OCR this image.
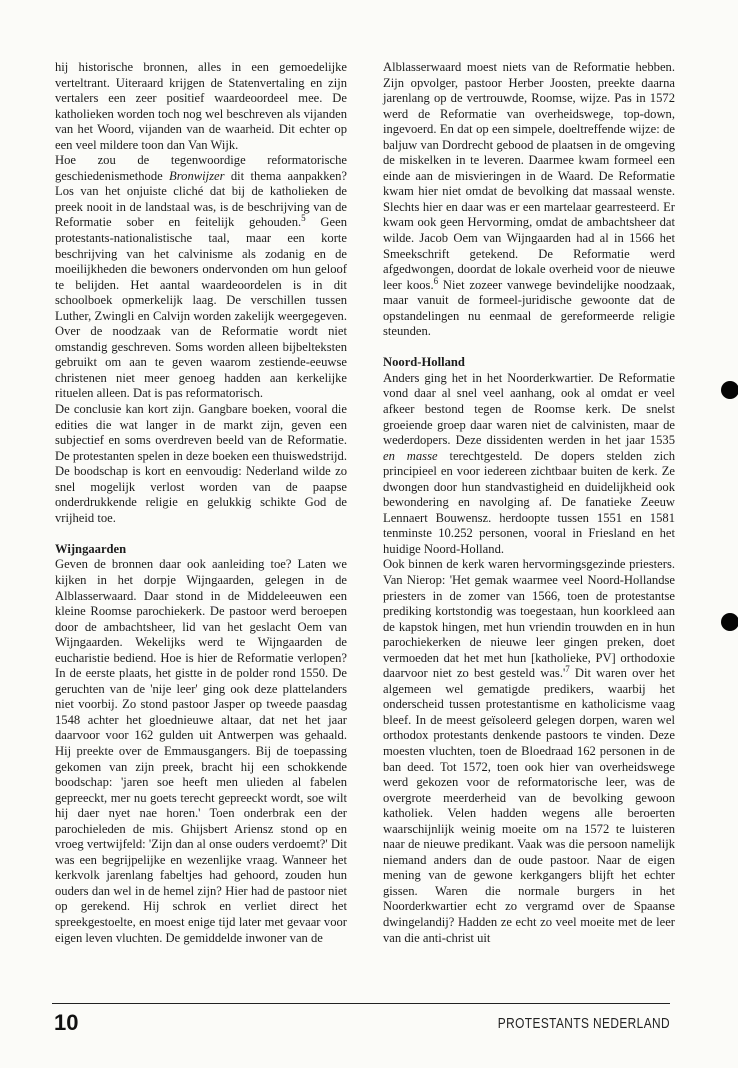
hij historische bronnen, alles in een gemoedelijke verteltrant. Uiteraard krijgen de Statenvertaling en zijn vertalers een zeer positief waardeoordeel mee. De katholieken worden toch nog wel beschreven als vijanden van het Woord, vijanden van de waarheid. Dit echter op een veel mildere toon dan Van Wijk.

Hoe zou de tegenwoordige reformatorische geschiedenismethode Bronwijzer dit thema aanpakken? Los van het onjuiste cliché dat bij de katholieken de preek nooit in de landstaal was, is de beschrijving van de Reformatie sober en feitelijk gehouden.$^5$ Geen protestants-nationalistische taal, maar een korte beschrijving van het calvinisme als zodanig en de moeilijkheden die bewoners ondervonden om hun geloof te belijden. Het aantal waardeoordelen is in dit schoolboek opmerkelijk laag. De verschillen tussen Luther, Zwingli en Calvijn worden zakelijk weergegeven. Over de noodzaak van de Reformatie wordt niet omstandig geschreven. Soms worden alleen bijbelteksten gebruikt om aan te geven waarom zestiende-eeuwse christenen niet meer genoeg hadden aan kerkelijke rituelen alleen. Dat is pas reformatorisch.

De conclusie kan kort zijn. Gangbare boeken, vooral die edities die wat langer in de markt zijn, geven een subjectief en soms overdreven beeld van de Reformatie. De protestanten spelen in deze boeken een thuiswedstrijd. De boodschap is kort en eenvoudig: Nederland wilde zo snel mogelijk verlost worden van de paapse onderdrukkende religie en gelukkig schikte God de vrijheid toe.

Wijngaarden

Geven de bronnen daar ook aanleiding toe? Laten we kijken in het dorpje Wijngaarden, gelegen in de Alblasserwaard. Daar stond in de Middeleeuwen een kleine Roomse parochiekerk. De pastoor werd beroepen door de ambachtsheer, lid van het geslacht Oem van Wijngaarden. Wekelijks werd te Wijngaarden de eucharistie bediend. Hoe is hier de Reformatie verlopen? In de eerste plaats, het gistte in de polder rond 1550. De geruchten van de 'nije leer' ging ook deze plattelanders niet voorbij. Zo stond pastoor Jasper op tweede paasdag 1548 achter het gloednieuwe altaar, dat net het jaar daarvoor voor 162 gulden uit Antwerpen was gehaald. Hij preekte over de Emmausgangers. Bij de toepassing gekomen van zijn preek, bracht hij een schokkende boodschap: 'jaren soe heeft men ulieden al fabelen gepreeckt, mer nu goets terecht gepreeckt wordt, soe wilt hij daer nyet nae horen.' Toen onderbrak een der parochieleden de mis. Ghijsbert Ariensz stond op en vroeg vertwijfeld: 'Zijn dan al onse ouders verdoemt?' Dit was een begrijpelijke en wezenlijke vraag. Wanneer het kerkvolk jarenlang fabeltjes had gehoord, zouden hun ouders dan wel in de hemel zijn? Hier had de pastoor niet op gerekend. Hij schrok en verliet direct het spreekgestoelte, en moest enige tijd later met gevaar voor eigen leven vluchten. De gemiddelde inwoner van de

Alblasserwaard moest niets van de Reformatie hebben. Zijn opvolger, pastoor Herber Joosten, preekte daarna jarenlang op de vertrouwde, Roomse, wijze. Pas in 1572 werd de Reformatie van overheidswege, top-down, ingevoerd. En dat op een simpele, doeltreffende wijze: de baljuw van Dordrecht gebood de plaatsen in de omgeving de miskelken in te leveren. Daarmee kwam formeel een einde aan de misvieringen in de Waard. De Reformatie kwam hier niet omdat de bevolking dat massaal wenste. Slechts hier en daar was er een martelaar gearresteerd. Er kwam ook geen Hervorming, omdat de ambachtsheer dat wilde. Jacob Oem van Wijngaarden had al in 1566 het Smeekschrift getekend. De Reformatie werd afgedwongen, doordat de lokale overheid voor de nieuwe leer koos.$^6$ Niet zozeer vanwege bevindelijke noodzaak, maar vanuit de formeel-juridische gewoonte dat de opstandelingen nu eenmaal de gereformeerde religie steunden.

Noord-Holland

Anders ging het in het Noorderkwartier. De Reformatie vond daar al snel veel aanhang, ook al omdat er veel afkeer bestond tegen de Roomse kerk. De snelst groeiende groep daar waren niet de calvinisten, maar de wederdopers. Deze dissidenten werden in het jaar 1535 en masse terechtgesteld. De dopers stelden zich principieel en voor iedereen zichtbaar buiten de kerk. Ze dwongen door hun standvastigheid en duidelijkheid ook bewondering en navolging af. De fanatieke Zeeuw Lennaert Bouwensz. herdoopte tussen 1551 en 1581 tenminste 10.252 personen, vooral in Friesland en het huidige Noord-Holland.

Ook binnen de kerk waren hervormingsgezinde priesters. Van Nierop: 'Het gemak waarmee veel Noord-Hollandse priesters in de zomer van 1566, toen de protestantse prediking kortstondig was toegestaan, hun koorkleed aan de kapstok hingen, met hun vriendin trouwden en in hun parochiekerken de nieuwe leer gingen preken, doet vermoeden dat het met hun [katholieke, PV] orthodoxie daarvoor niet zo best gesteld $was.'^7$ Dit waren over het algemeen wel gematigde predikers, waarbij het onderscheid tussen protestantisme en katholicisme vaag bleef. In de meest geïsoleerd gelegen dorpen, waren wel orthodox protestants denkende pastoors te vinden. Deze moesten vluchten, toen de Bloedraad 162 personen in de ban deed. Tot 1572, toen ook hier van overheidswege werd gekozen voor de reformatorische leer, was de overgrote meerderheid van de bevolking gewoon katholiek. Velen hadden wegens alle beroerten waarschijnlijk weinig moeite om na 1572 te luisteren naar de nieuwe predikant. Vaak was die persoon namelijk niemand anders dan de oude pastoor. Naar de eigen mening van de gewone kerkgangers blijft het echter gissen. Waren die normale burgers in het Noorderkwartier echt zo vergramd over de Spaanse dwingelandij? Hadden ze echt zo veel moeite met de leer van die anti-christ uit

10	PROTESTANTS NEDERLAND
